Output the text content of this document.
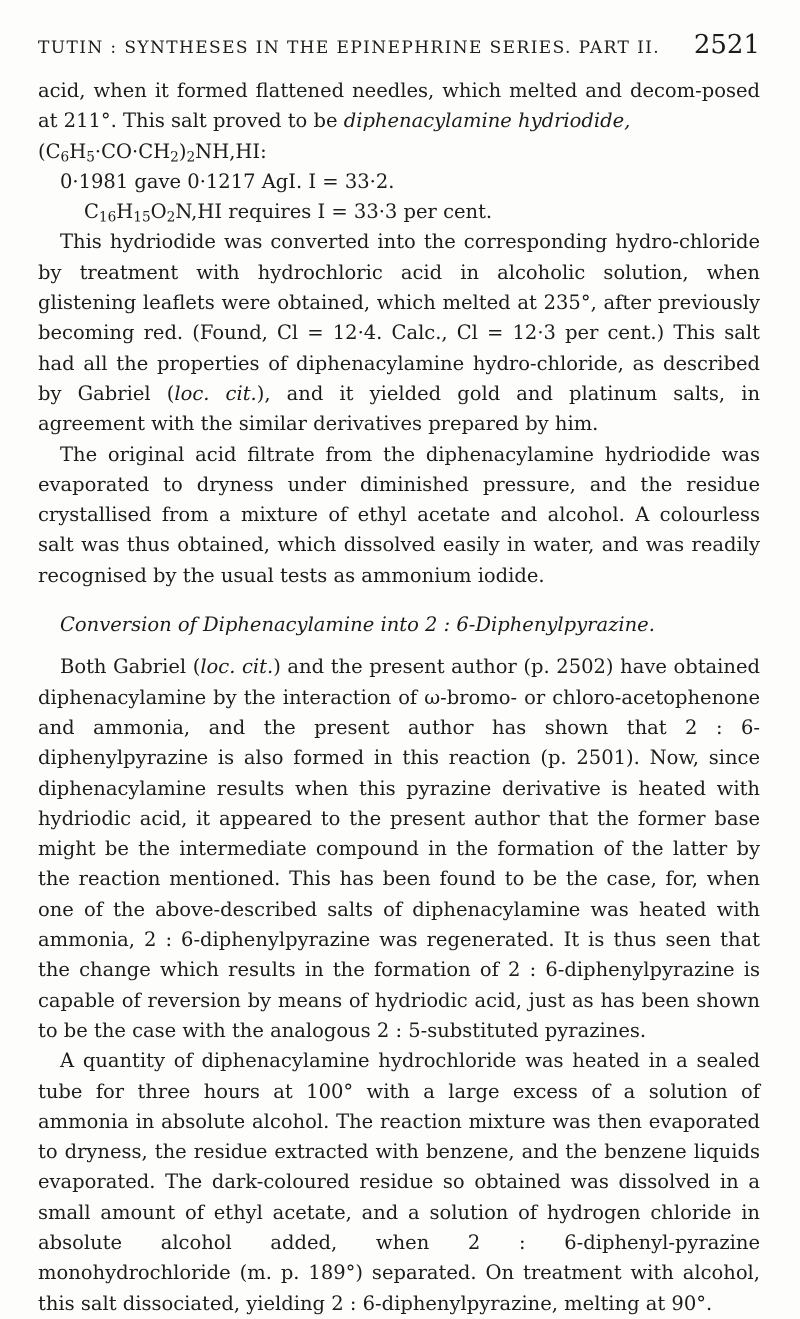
TUTIN : SYNTHESES IN THE EPINEPHRINE SERIES. PART II. 2521

acid, when it formed flattened needles, which melted and decom-posed at 211°. This salt proved to be diphenacylamine hydriodide,
$(C_6H_5\cdot CO\cdot CH_2)_2NH,HI$:

0·1981 gave 0·1217 AgI. I = 33·2.

$C_{16}H_{15}O_2N,HI$ requires I = 33·3 per cent.

This hydriodide was converted into the corresponding hydro-chloride by treatment with hydrochloric acid in alcoholic solution, when glistening leaflets were obtained, which melted at 235°, after previously becoming red. (Found, Cl = 12·4. Calc., Cl = 12·3 per cent.) This salt had all the properties of diphenacylamine hydro-chloride, as described by Gabriel (loc. cit.), and it yielded gold and platinum salts, in agreement with the similar derivatives prepared by him.

The original acid filtrate from the diphenacylamine hydriodide was evaporated to dryness under diminished pressure, and the residue crystallised from a mixture of ethyl acetate and alcohol. A colourless salt was thus obtained, which dissolved easily in water, and was readily recognised by the usual tests as ammonium iodide.

Conversion of Diphenacylamine into 2 : 6-Diphenylpyrazine.

Both Gabriel (loc. cit.) and the present author (p. 2502) have obtained diphenacylamine by the interaction of ω-bromo- or chloro-acetophenone and ammonia, and the present author has shown that 2 : 6-diphenylpyrazine is also formed in this reaction (p. 2501). Now, since diphenacylamine results when this pyrazine derivative is heated with hydriodic acid, it appeared to the present author that the former base might be the intermediate compound in the formation of the latter by the reaction mentioned. This has been found to be the case, for, when one of the above-described salts of diphenacylamine was heated with ammonia, 2 : 6-diphenylpyrazine was regenerated. It is thus seen that the change which results in the formation of 2 : 6-diphenylpyrazine is capable of reversion by means of hydriodic acid, just as has been shown to be the case with the analogous 2 : 5-substituted pyrazines.

A quantity of diphenacylamine hydrochloride was heated in a sealed tube for three hours at 100° with a large excess of a solution of ammonia in absolute alcohol. The reaction mixture was then evaporated to dryness, the residue extracted with benzene, and the benzene liquids evaporated. The dark-coloured residue so obtained was dissolved in a small amount of ethyl acetate, and a solution of hydrogen chloride in absolute alcohol added, when 2 : 6-diphenyl-pyrazine monohydrochloride (m. p. 189°) separated. On treatment with alcohol, this salt dissociated, yielding 2 : 6-diphenylpyrazine, melting at 90°.
